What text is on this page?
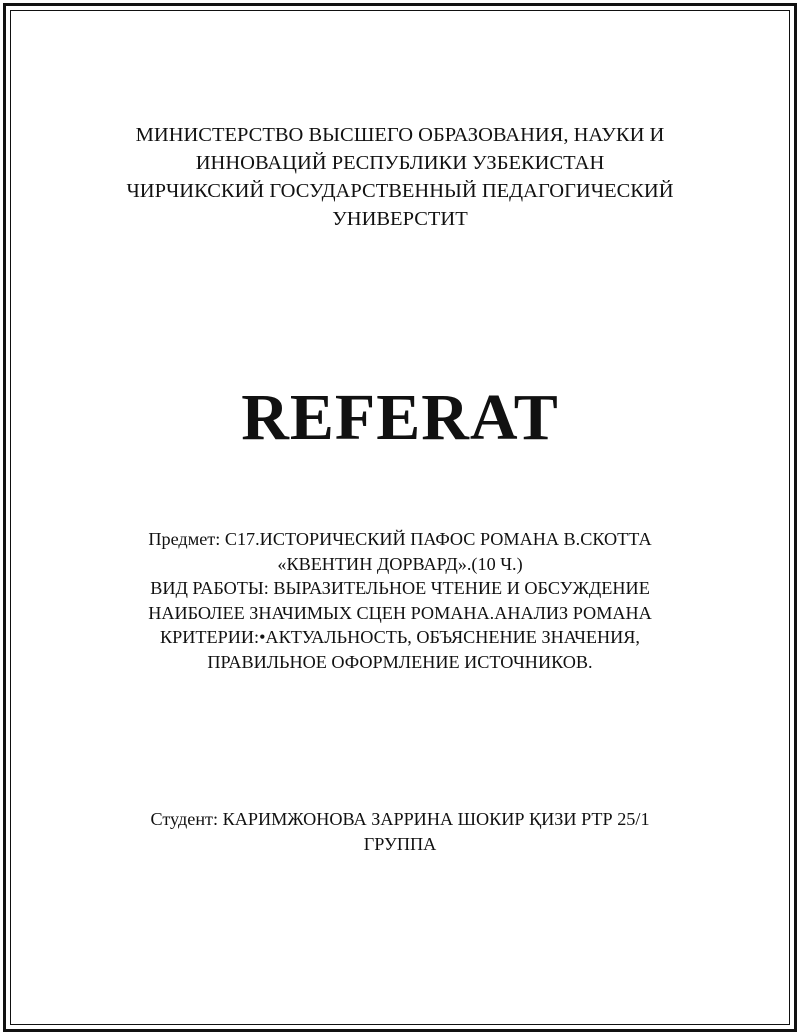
МИНИСТЕРСТВО ВЫСШЕГО ОБРАЗОВАНИЯ, НАУКИ И
ИННОВАЦИЙ РЕСПУБЛИКИ УЗБЕКИСТАН
ЧИРЧИКСКИЙ ГОСУДАРСТВЕННЫЙ ПЕДАГОГИЧЕСКИЙ
УНИВЕРСТИТ
REFERAT
Предмет: С17.ИСТОРИЧЕСКИЙ ПАФОС РОМАНА В.СКОТТА
«КВЕНТИН ДОРВАРД».(10 Ч.)
ВИД РАБОТЫ: ВЫРАЗИТЕЛЬНОЕ ЧТЕНИЕ И ОБСУЖДЕНИЕ
НАИБОЛЕЕ ЗНАЧИМЫХ СЦЕН РОМАНА.АНАЛИЗ РОМАНА
КРИТЕРИИ:•АКТУАЛЬНОСТЬ, ОБЪЯСНЕНИЕ ЗНАЧЕНИЯ,
ПРАВИЛЬНОЕ ОФОРМЛЕНИЕ ИСТОЧНИКОВ.
Студент: КАРИМЖОНОВА ЗАРРИНА ШОКИР ҚИЗИ РТР 25/1
ГРУППА
